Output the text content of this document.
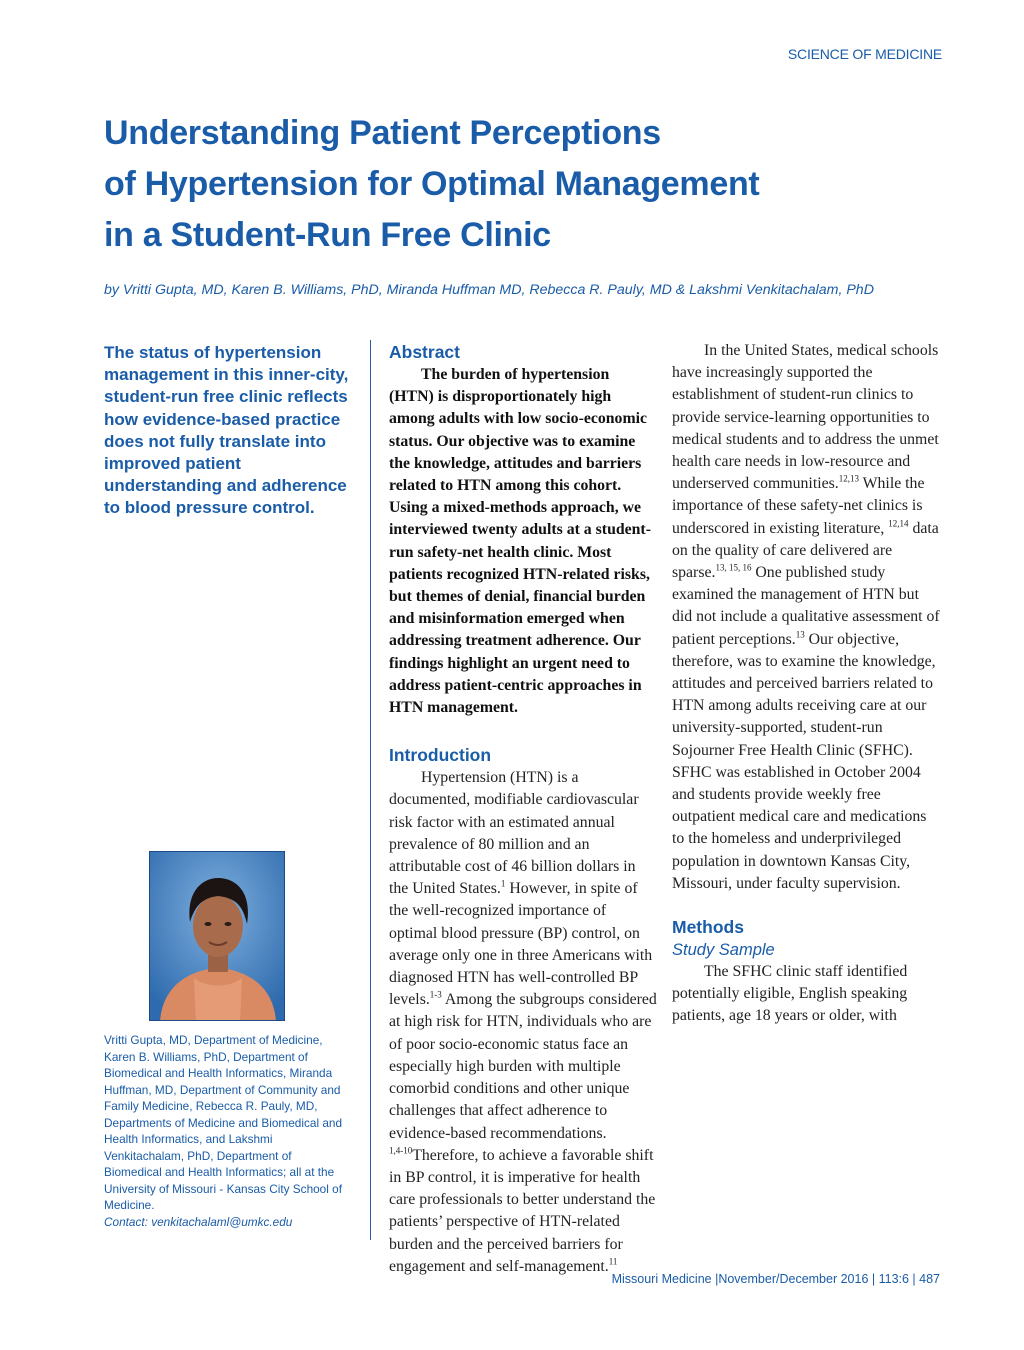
SCIENCE OF MEDICINE
Understanding Patient Perceptions
of Hypertension for Optimal Management
in a Student-Run Free Clinic

by Vritti Gupta, MD, Karen B. Williams, PhD, Miranda Huffman MD, Rebecca R. Pauly, MD & Lakshmi Venkitachalam, PhD

The status of hypertension management in this inner-city, student-run free clinic reflects how evidence-based practice does not fully translate into improved patient understanding and adherence to blood pressure control.

Vritti Gupta, MD, Department of Medicine, Karen B. Williams, PhD, Department of Biomedical and Health Informatics, Miranda Huffman, MD, Department of Community and Family Medicine, Rebecca R. Pauly, MD, Departments of Medicine and Biomedical and Health Informatics, and Lakshmi Venkitachalam, PhD, Department of Biomedical and Health Informatics; all at the University of Missouri - Kansas City School of Medicine.
Contact: venkitachalaml@umkc.edu

Abstract

The burden of hypertension (HTN) is disproportionately high among adults with low socio-economic status. Our objective was to examine the knowledge, attitudes and barriers related to HTN among this cohort. Using a mixed-methods approach, we interviewed twenty adults at a student-run safety-net health clinic. Most patients recognized HTN-related risks, but themes of denial, financial burden and misinformation emerged when addressing treatment adherence. Our findings highlight an urgent need to address patient-centric approaches in HTN management.

Introduction

Hypertension (HTN) is a documented, modifiable cardiovascular risk factor with an estimated annual prevalence of 80 million and an attributable cost of 46 billion dollars in the United States.$^1$ However, in spite of the well-recognized importance of optimal blood pressure (BP) control, on average only one in three Americans with diagnosed HTN has well-controlled BP levels.$^{1-3}$ Among the subgroups considered at high risk for HTN, individuals who are of poor socio-economic status face an especially high burden with multiple comorbid conditions and other unique challenges that affect adherence to evidence-based recommendations.
$^{1,4-10}$Therefore, to achieve a favorable shift in BP control, it is imperative for health care professionals to better understand the patients’ perspective of HTN-related burden and the perceived barriers for engagement and self-management.$^{11}$

In the United States, medical schools have increasingly supported the establishment of student-run clinics to provide service-learning opportunities to medical students and to address the unmet health care needs in low-resource and underserved communities.$^{12,13}$ While the importance of these safety-net clinics is underscored in existing literature, $^{12,14}$ data on the quality of care delivered are sparse.$^{13, 15, 16}$ One published study examined the management of HTN but did not include a qualitative assessment of patient perceptions.$^{13}$ Our objective, therefore, was to examine the knowledge, attitudes and perceived barriers related to HTN among adults receiving care at our university-supported, student-run Sojourner Free Health Clinic (SFHC). SFHC was established in October 2004 and students provide weekly free outpatient medical care and medications to the homeless and underprivileged population in downtown Kansas City, Missouri, under faculty supervision.

Methods
Study Sample

The SFHC clinic staff identified potentially eligible, English speaking patients, age 18 years or older, with

Missouri Medicine |November/December 2016 | 113:6 | 487
